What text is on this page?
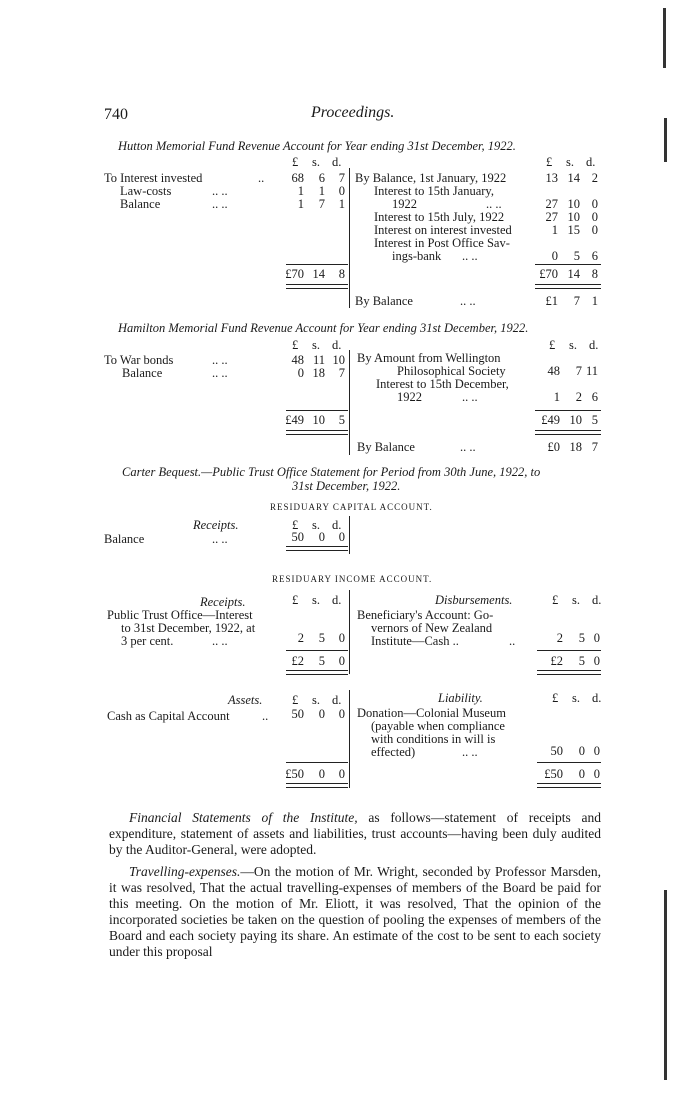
740	Proceedings.
Hutton Memorial Fund Revenue Account for Year ending 31st December, 1922.
£ s. d.	£ s. d.
To Interest invested	..	68	6	7
Law-costs	.. ..	1	1	0
Balance	.. ..	1	7	1
£70 14	8
By Balance, 1st January, 1922	13 14 2
Interest to 15th January,
1922	.. ..	27 10 0
Interest to 15th July, 1922	27 10 0
Interest on interest invested	1 15 0
Interest in Post Office Sav-
ings-bank .. ..	0	5 6
£70 14 8
By Balance	.. ..	£1	7 1
Hamilton Memorial Fund Revenue Account for Year ending 31st December, 1922.
£ s. d.	£ s. d.
To War bonds	.. ..	48 11 10
Balance	.. ..	0 18	7
£49 10	5
By Amount from Wellington
Philosophical Society	48	7 11
Interest to 15th December,
1922	.. ..	1	2 6
£49 10 5
By Balance	.. ..	£0 18 7
Carter Bequest.—Public Trust Office Statement for Period from 30th June, 1922, to
31st December, 1922.
RESIDUARY CAPITAL ACCOUNT.
Receipts.	£ s. d.
Balance	.. ..	50	0	0
RESIDUARY INCOME ACCOUNT.
Receipts.	£ s. d.
Public Trust Office—Interest
to 31st December, 1922, at
3 per cent.	.. ..	2	5	0
£2	5	0
Disbursements.	£ s. d.
Beneficiary's Account: Go-
vernors of New Zealand
Institute—Cash ..	..	2	5 0
£2	5 0
Assets. £ s. d.
Cash as Capital Account	..	50	0	0
£50	0	0
Liability.	£ s. d.
Donation—Colonial Museum
(payable when compliance
with conditions in will is
effected)	.. ..	50	0 0
£50	0 0
Financial Statements of the Institute, as follows—statement of receipts and expenditure, statement of assets and liabilities, trust accounts—having been duly audited by the Auditor-General, were adopted.
Travelling-expenses.—On the motion of Mr. Wright, seconded by Professor Marsden, it was resolved, That the actual travelling-expenses of members of the Board be paid for this meeting. On the motion of Mr. Eliott, it was resolved, That the opinion of the incorporated societies be taken on the question of pooling the expenses of members of the Board and each society paying its share. An estimate of the cost to be sent to each society under this proposal
